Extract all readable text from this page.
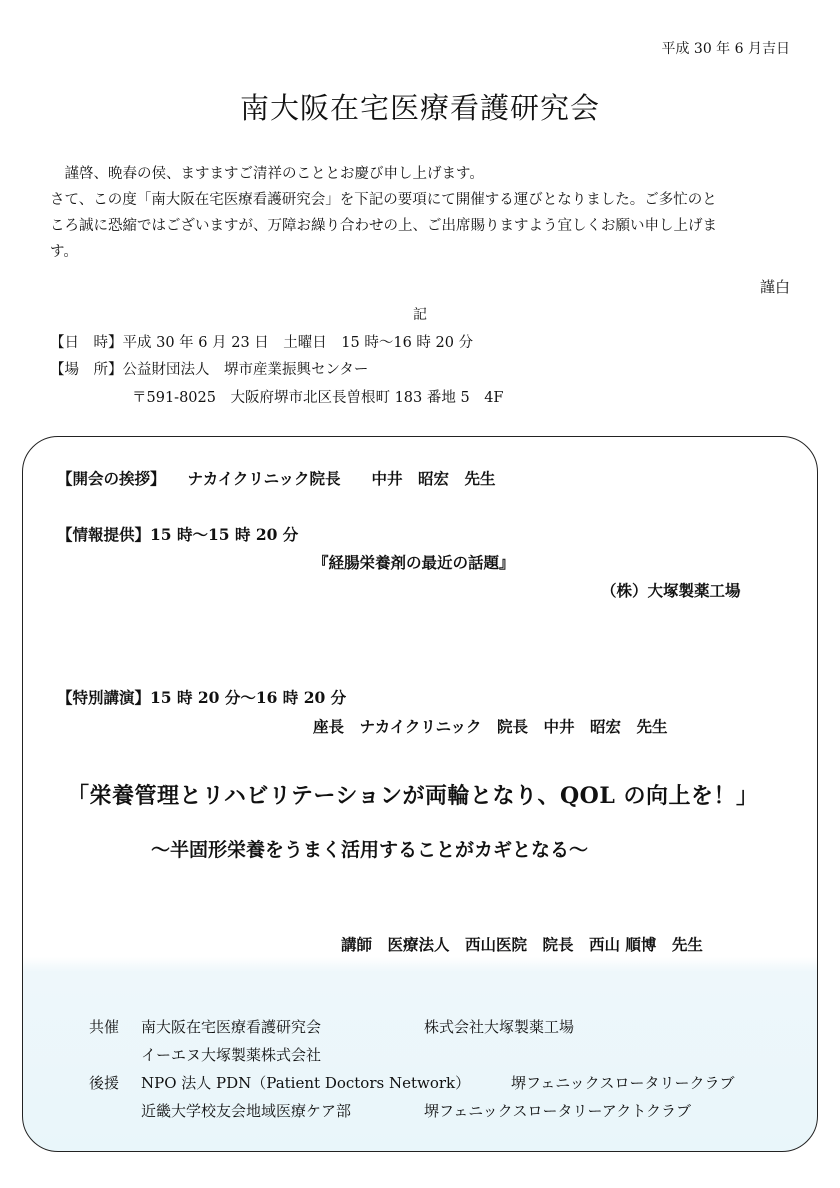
平成 30 年 6 月吉日
南大阪在宅医療看護研究会
　謹啓、晩春の侯、ますますご清祥のこととお慶び申し上げます。
さて、この度「南大阪在宅医療看護研究会」を下記の要項にて開催する運びとなりました。ご多忙のと
ころ誠に恐縮ではございますが、万障お繰り合わせの上、ご出席賜りますよう宜しくお願い申し上げま
す。
謹白
記
【日　時】平成 30 年 6 月 23 日　土曜日　15 時～16 時 20 分
【場　所】公益財団法人　堺市産業振興センター
〒591-8025　大阪府堺市北区長曽根町 183 番地 5　4F
【開会の挨拶】 ナカイクリニック院長　　中井　昭宏　先生
【情報提供】15 時～15 時 20 分
『経腸栄養剤の最近の話題』
（株）大塚製薬工場
【特別講演】15 時 20 分～16 時 20 分
座長　ナカイクリニック　院長　中井　昭宏　先生
「栄養管理とリハビリテーションが両輪となり、QOL の向上を！」
～半固形栄養をうまく活用することがカギとなる～
講師　医療法人　西山医院　院長　西山 順博　先生
共催 南大阪在宅医療看護研究会	株式会社大塚製薬工場
イーエヌ大塚製薬株式会社
後援 NPO 法人 PDN（Patient Doctors Network）	堺フェニックスロータリークラブ
近畿大学校友会地域医療ケア部	堺フェニックスロータリーアクトクラブ
